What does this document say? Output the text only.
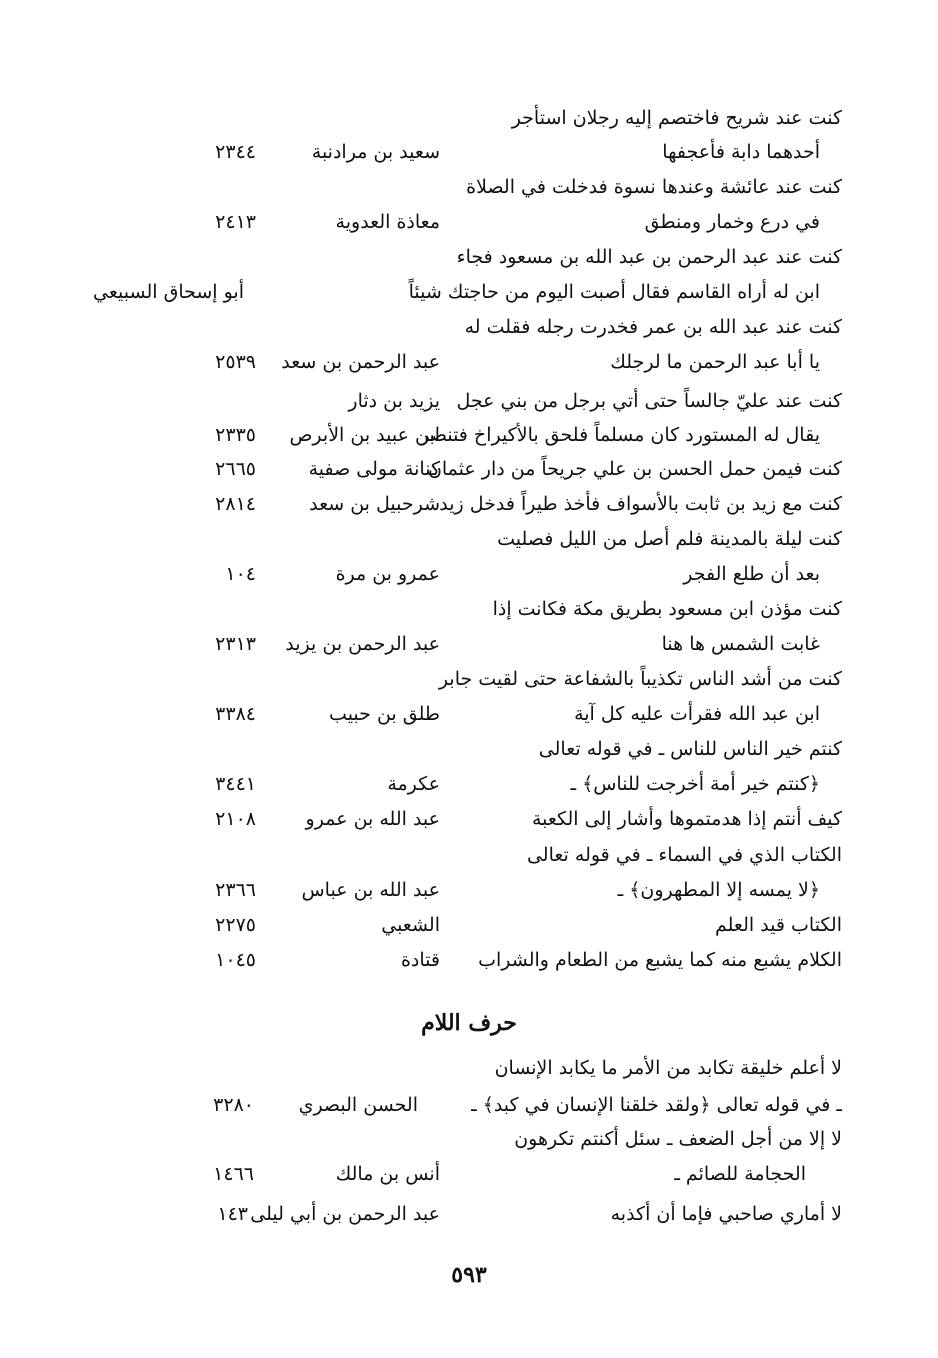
كنت عند شريح فاختصم إليه رجلان استأجر
أحدهما دابة فأعجفها
سعيد بن مرادنبة
٢٣٤٤
كنت عند عائشة وعندها نسوة فدخلت في الصلاة
في درع وخمار ومنطق
معاذة العدوية
٢٤١٣
كنت عند عبد الرحمن بن عبد الله بن مسعود فجاء
ابن له أراه القاسم فقال أصبت اليوم من حاجتك شيئاً
أبو إسحاق السبيعي
كنت عند عبد الله بن عمر فخدرت رجله فقلت له
يا أبا عبد الرحمن ما لرجلك
عبد الرحمن بن سعد
٢٥٣٩
كنت عند عليّ جالساً حتى أتي برجل من بني عجل
يزيد بن دثار
يقال له المستورد كان مسلماً فلحق بالأكيراخ فتنصر
ابن عبيد بن الأبرص
٢٣٣٥
كنت فيمن حمل الحسن بن علي جريحاً من دار عثمان
كنانة مولى صفية
٢٦٦٥
كنت مع زيد بن ثابت بالأسواف فأخذ طيراً فدخل زيد
شرحبيل بن سعد
٢٨١٤
كنت ليلة بالمدينة فلم أصل من الليل فصليت
بعد أن طلع الفجر
عمرو بن مرة
١٠٤
كنت مؤذن ابن مسعود بطريق مكة فكانت إذا
غابت الشمس ها هنا
عبد الرحمن بن يزيد
٢٣١٣
كنت من أشد الناس تكذيباً بالشفاعة حتى لقيت جابر
ابن عبد الله فقرأت عليه كل آية
طلق بن حبيب
٣٣٨٤
كنتم خير الناس للناس ـ في قوله تعالى
﴿كنتم خير أمة أخرجت للناس﴾ ـ
عكرمة
٣٤٤١
كيف أنتم إذا هدمتموها وأشار إلى الكعبة
عبد الله بن عمرو
٢١٠٨
الكتاب الذي في السماء ـ في قوله تعالى
﴿لا يمسه إلا المطهرون﴾ ـ
عبد الله بن عباس
٢٣٦٦
الكتاب قيد العلم
الشعبي
٢٢٧٥
الكلام يشبع منه كما يشبع من الطعام والشراب
قتادة
١٠٤٥
حرف اللام
لا أعلم خليقة تكابد من الأمر ما يكابد الإنسان
ـ في قوله تعالى ﴿ولقد خلقنا الإنسان في كبد﴾ ـ
الحسن البصري
٣٢٨٠
لا إلا من أجل الضعف ـ سئل أكنتم تكرهون
الحجامة للصائم ـ
أنس بن مالك
١٤٦٦
لا أماري صاحبي فإما أن أكذبه
عبد الرحمن بن أبي ليلى
١٤٣
٥٩٣
